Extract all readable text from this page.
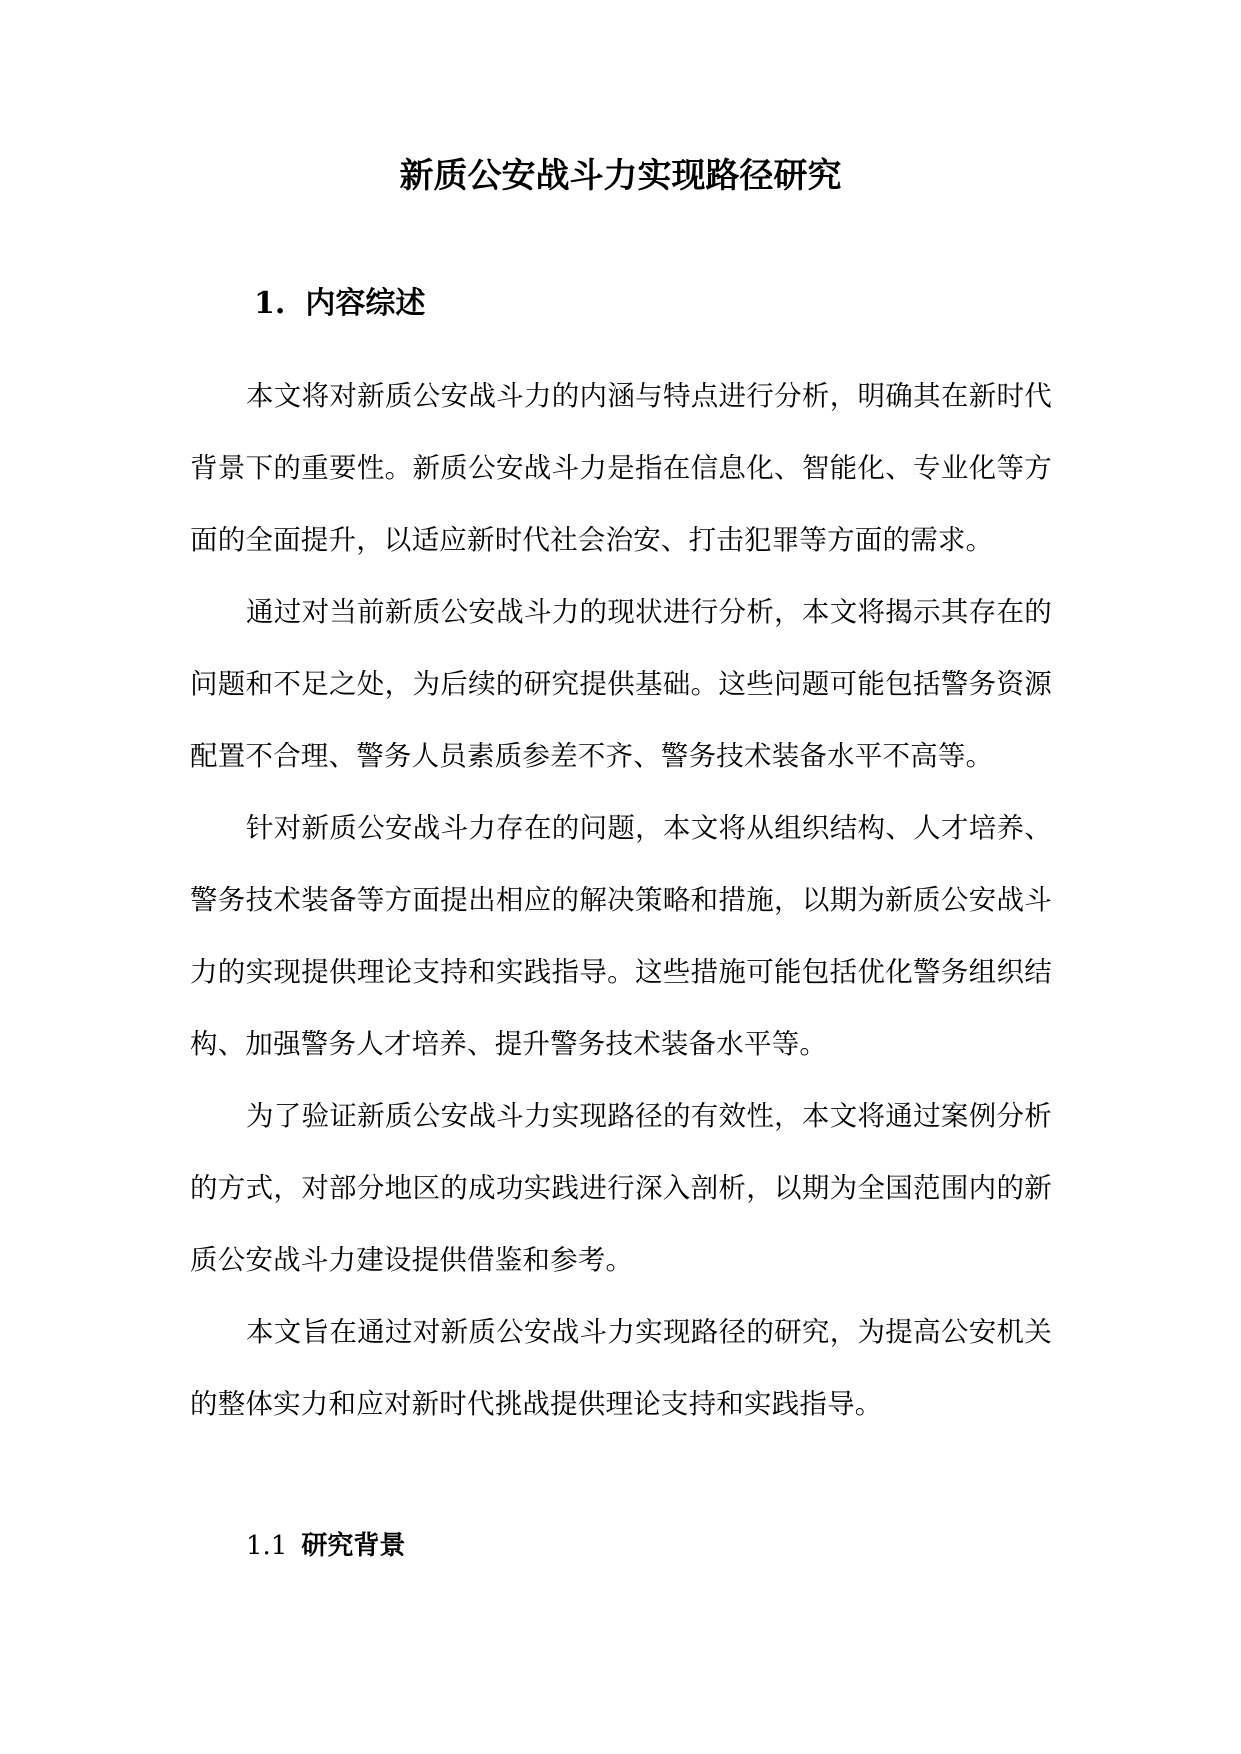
新质公安战斗力实现路径研究
1. 内容综述

本文将对新质公安战斗力的内涵与特点进行分析，明确其在新时代背景下的重要性。新质公安战斗力是指在信息化、智能化、专业化等方面的全面提升，以适应新时代社会治安、打击犯罪等方面的需求。

通过对当前新质公安战斗力的现状进行分析，本文将揭示其存在的问题和不足之处，为后续的研究提供基础。这些问题可能包括警务资源配置不合理、警务人员素质参差不齐、警务技术装备水平不高等。

针对新质公安战斗力存在的问题，本文将从组织结构、人才培养、警务技术装备等方面提出相应的解决策略和措施，以期为新质公安战斗力的实现提供理论支持和实践指导。这些措施可能包括优化警务组织结构、加强警务人才培养、提升警务技术装备水平等。

为了验证新质公安战斗力实现路径的有效性，本文将通过案例分析的方式，对部分地区的成功实践进行深入剖析，以期为全国范围内的新质公安战斗力建设提供借鉴和参考。

本文旨在通过对新质公安战斗力实现路径的研究，为提高公安机关的整体实力和应对新时代挑战提供理论支持和实践指导。

1.1 研究背景
